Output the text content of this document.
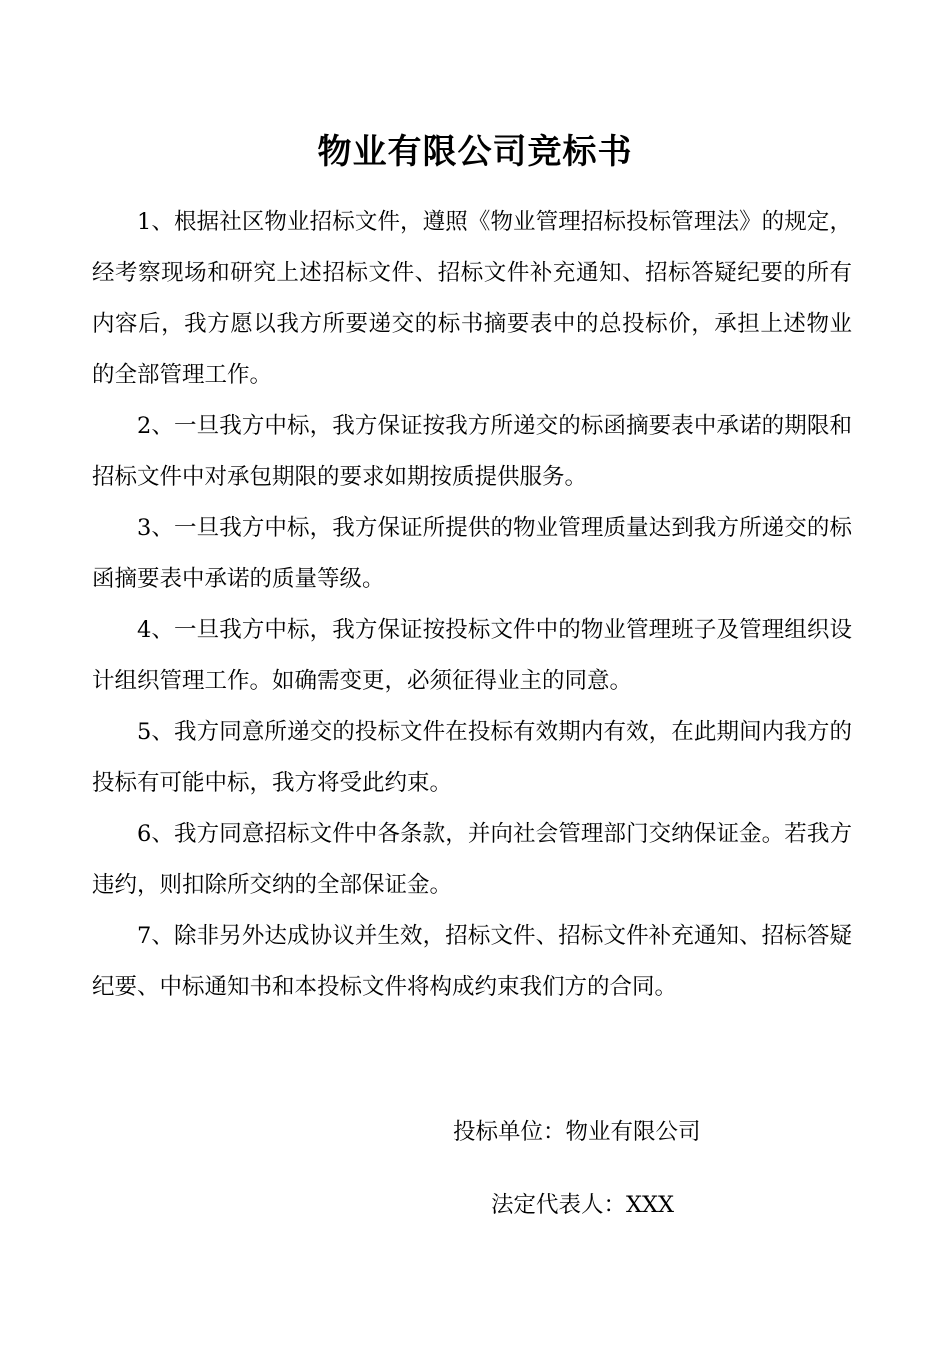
物业有限公司竞标书

1、根据社区物业招标文件，遵照《物业管理招标投标管理法》的规定，经考察现场和研究上述招标文件、招标文件补充通知、招标答疑纪要的所有内容后，我方愿以我方所要递交的标书摘要表中的总投标价，承担上述物业的全部管理工作。

2、一旦我方中标，我方保证按我方所递交的标函摘要表中承诺的期限和招标文件中对承包期限的要求如期按质提供服务。

3、一旦我方中标，我方保证所提供的物业管理质量达到我方所递交的标函摘要表中承诺的质量等级。

4、一旦我方中标，我方保证按投标文件中的物业管理班子及管理组织设计组织管理工作。如确需变更，必须征得业主的同意。

5、我方同意所递交的投标文件在投标有效期内有效，在此期间内我方的投标有可能中标，我方将受此约束。

6、我方同意招标文件中各条款，并向社会管理部门交纳保证金。若我方违约，则扣除所交纳的全部保证金。

7、除非另外达成协议并生效，招标文件、招标文件补充通知、招标答疑纪要、中标通知书和本投标文件将构成约束我们方的合同。

投标单位：物业有限公司
法定代表人：XXX
